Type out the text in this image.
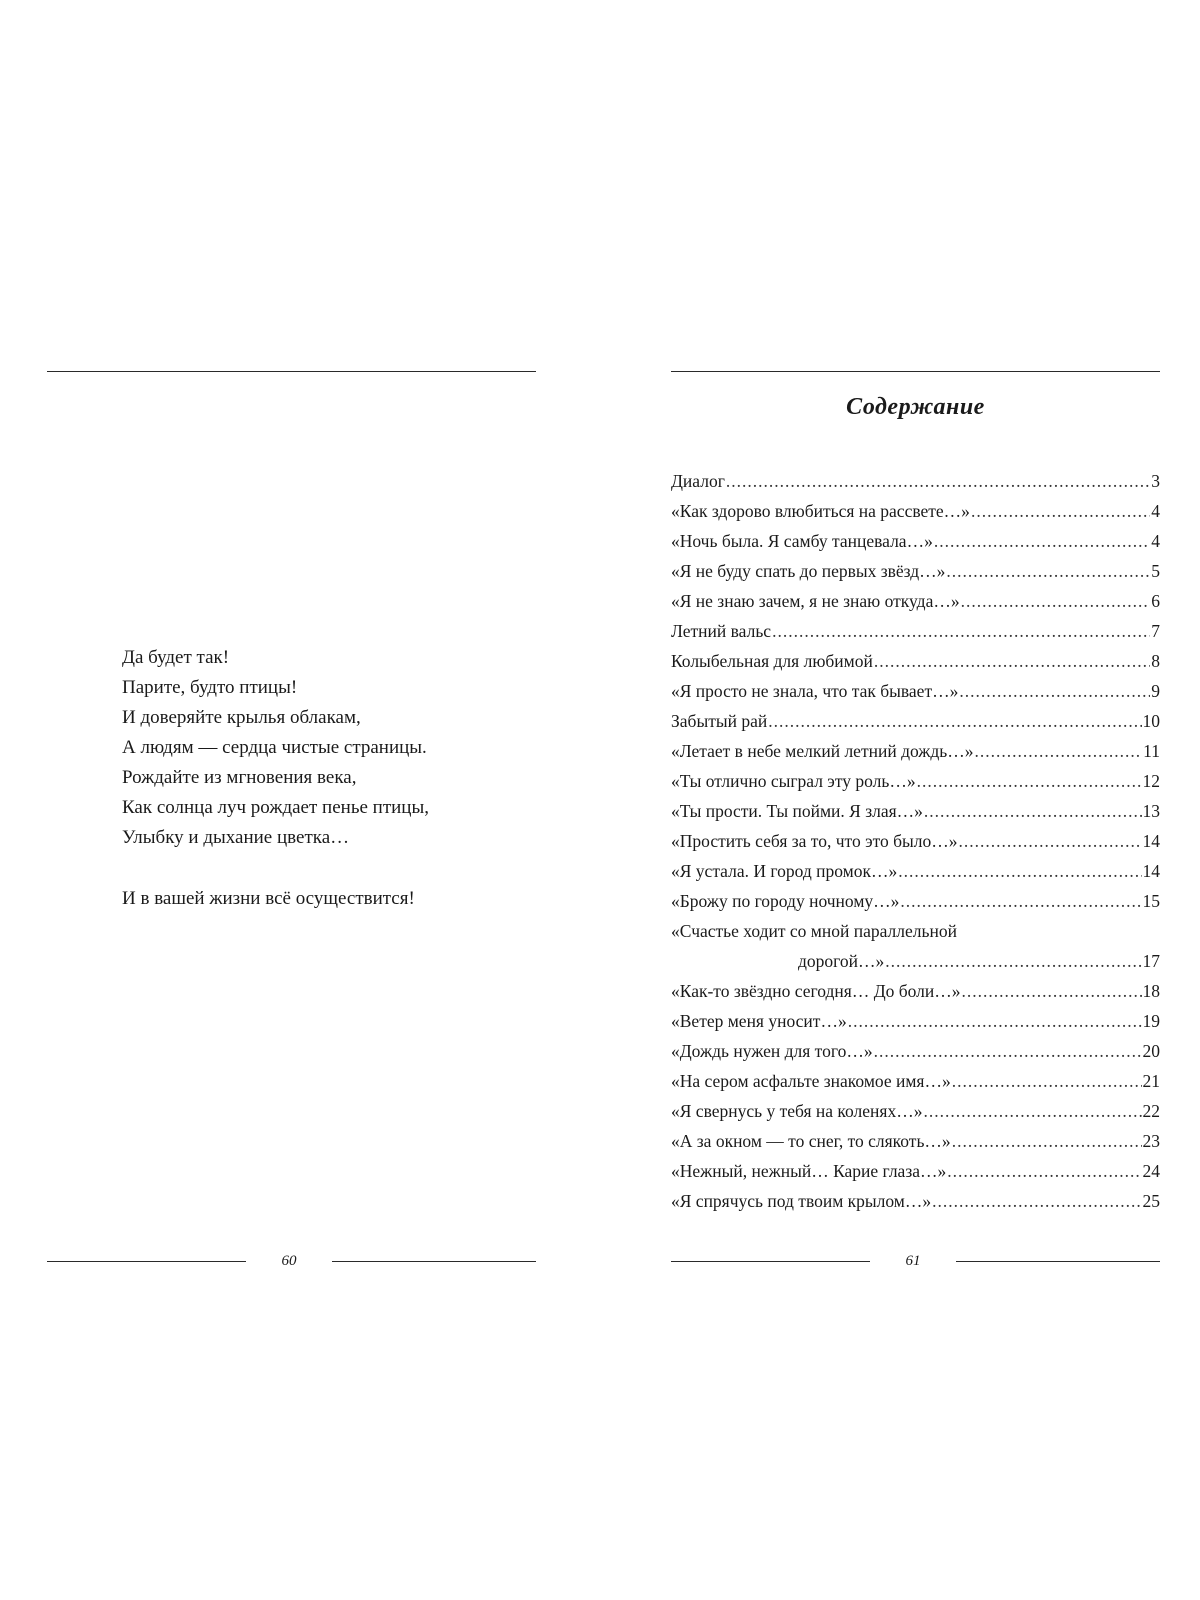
Да будет так!
Парите, будто птицы!
И доверяйте крылья облакам,
А людям — сердца чистые страницы.
Рождайте из мгновения века,
Как солнца луч рождает пенье птицы,
Улыбку и дыхание цветка…
И в вашей жизни всё осуществится!
60
Содержание
Диалог .....	3
«Как здорово влюбиться на рассвете…» .....	4
«Ночь была. Я самбу танцевала…» .....	4
«Я не буду спать до первых звёзд…» .....	5
«Я не знаю зачем, я не знаю откуда…» .....	6
Летний вальс .....	7
Колыбельная для любимой .....	8
«Я просто не знала, что так бывает…» .....	9
Забытый рай .....	10
«Летает в небе мелкий летний дождь…» .....	11
«Ты отлично сыграл эту роль…» .....	12
«Ты прости. Ты пойми. Я злая…» .....	13
«Простить себя за то, что это было…» .....	14
«Я устала. И город промок…» .....	14
«Брожу по городу ночному…» .....	15
«Счастье ходит со мной параллельной
дорогой…» .....	17
«Как-то звёздно сегодня… До боли…» .....	18
«Ветер меня уносит…» .....	19
«Дождь нужен для того…» .....	20
«На сером асфальте знакомое имя…» .....	21
«Я свернусь у тебя на коленях…» .....	22
«А за окном — то снег, то слякоть…» .....	23
«Нежный, нежный… Карие глаза…» .....	24
«Я спрячусь под твоим крылом…» .....	25
61
